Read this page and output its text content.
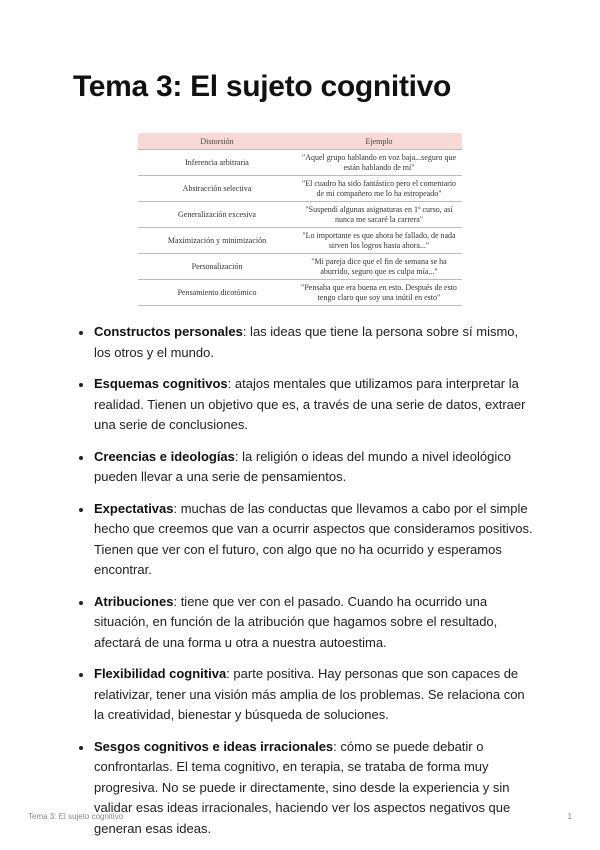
Tema 3: El sujeto cognitivo
Distorsión	Ejemplo
Inferencia arbitraria	"Aquel grupo hablando en voz baja...seguro que están hablando de mí"
Abstracción selectiva	"El cuadro ha sido fantástico pero el comentario de mi compañero me lo ha estropeado"
Generalización excesiva	"Suspendí algunas asignaturas en 1º curso, así nunca me sacaré la carrera"
Maximización y minimización	"Lo importante es que ahora he fallado, de nada sirven los logros hasta ahora..."
Personalización	"Mi pareja dice que el fin de semana se ha aburrido, seguro que es culpa mía..."
Pensamiento dicotómico	"Pensaba que era buena en esto. Después de esto tengo claro que soy una inútil en esto"
Constructos personales: las ideas que tiene la persona sobre sí mismo, los otros y el mundo.
Esquemas cognitivos: atajos mentales que utilizamos para interpretar la realidad. Tienen un objetivo que es, a través de una serie de datos, extraer una serie de conclusiones.
Creencias e ideologías: la religión o ideas del mundo a nivel ideológico pueden llevar a una serie de pensamientos.
Expectativas: muchas de las conductas que llevamos a cabo por el simple hecho que creemos que van a ocurrir aspectos que consideramos positivos. Tienen que ver con el futuro, con algo que no ha ocurrido y esperamos encontrar.
Atribuciones: tiene que ver con el pasado. Cuando ha ocurrido una situación, en función de la atribución que hagamos sobre el resultado, afectará de una forma u otra a nuestra autoestima.
Flexibilidad cognitiva: parte positiva. Hay personas que son capaces de relativizar, tener una visión más amplia de los problemas. Se relaciona con la creatividad, bienestar y búsqueda de soluciones.
Sesgos cognitivos e ideas irracionales: cómo se puede debatir o confrontarlas. El tema cognitivo, en terapia, se trataba de forma muy progresiva. No se puede ir directamente, sino desde la experiencia y sin validar esas ideas irracionales, haciendo ver los aspectos negativos que generan esas ideas.
Tema 3: El sujeto cognitivo	1
